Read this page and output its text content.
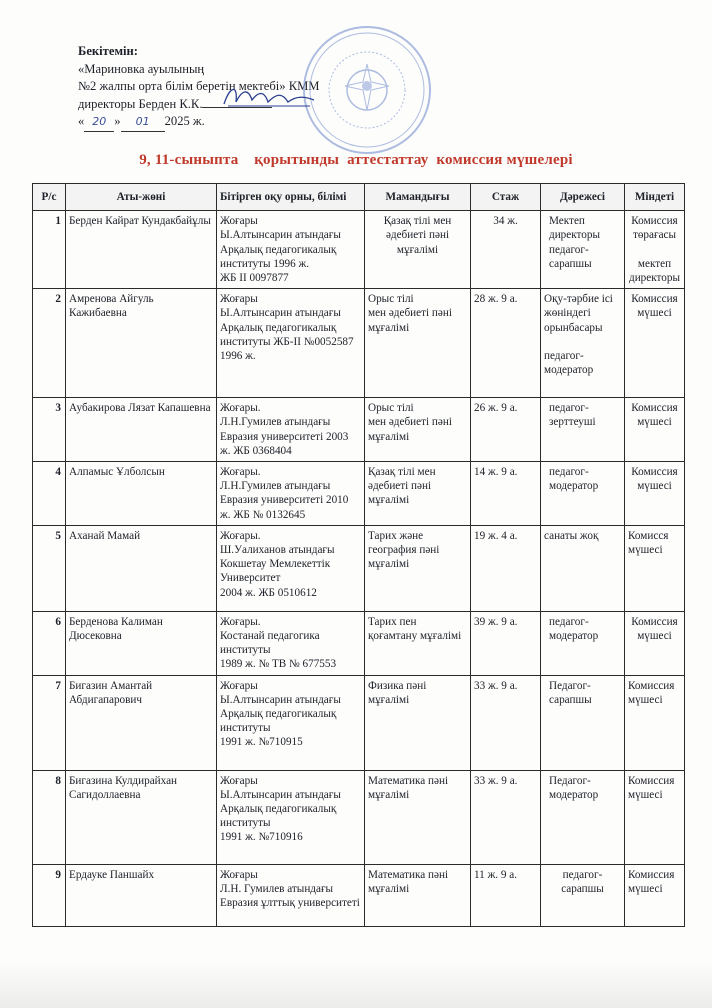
Бекітемін:
«Мариновка ауылының
№2 жалпы орта білім беретін мектебі» КММ
директоры Берден К.К.
« 20 » 01 2025 ж.
9, 11-сыныпта    қорытынды  аттестаттау  комиссия мүшелері
Р/с	Аты-жөні	Бітірген оқу орны, білімі	Мамандығы	Стаж	Дәрежесі	Міндеті
1	Берден Кайрат Кундакбайұлы	Жоғары
Ы.Алтынсарин атындағы Арқалық педагогикалық институты 1996 ж.
ЖБ II 0097877	Қазақ тілі мен әдебиеті пәні мұғалімі	34 ж.	Мектеп директоры педагог-сарапшы	Комиссия төрағасы

мектеп директоры
2	Амренова Айгуль Кажибаевна	Жоғары
Ы.Алтынсарин атындағы Арқалық педагогикалық институты ЖБ-II №0052587 1996 ж.	Орыс тілі
мен әдебиеті пәні мұғалімі	28 ж. 9 а.	Оқу-тәрбие ісі жөніндегі орынбасары

педагог-модератор	Комиссия мүшесі
3	Аубакирова Лязат Капашевна	Жоғары.
Л.Н.Гумилев атындағы Евразия университеті 2003 ж. ЖБ 0368404	Орыс тілі
мен әдебиеті пәні мұғалімі	26 ж. 9 а.	педагог-зерттеуші	Комиссия мүшесі
4	Алпамыс Ұлболсын	Жоғары.
Л.Н.Гумилев атындағы Евразия университеті 2010 ж. ЖБ № 0132645	Қазақ тілі мен әдебиеті пәні мұғалімі	14 ж. 9 а.	педагог-модератор	Комиссия мүшесі
5	Аханай Мамай	Жоғары.
Ш.Уалиханов атындағы Кокшетау Мемлекеттік Университет
2004 ж. ЖБ 0510612	Тарих және география пәні мұғалімі	19 ж. 4 а.	санаты жоқ	Комисся мүшесі
6	Берденова Калиман Дюсековна	Жоғары.
Костанай педагогика институты
1989 ж. № ТВ № 677553	Тарих пен қоғамтану мұғалімі	39 ж. 9 а.	педагог-модератор	Комиссия мүшесі
7	Бигазин Амантай Абдигапарович	Жоғары
Ы.Алтынсарин атындағы Арқалық педагогикалық институты
1991 ж. №710915	Физика пәні мұғалімі	33 ж. 9 а.	Педагог-сарапшы	Комиссия мүшесі
8	Бигазина Кулдирайхан Сагидоллаевна	Жоғары
Ы.Алтынсарин атындағы Арқалық педагогикалық институты
1991 ж. №710916	Математика пәні мұғалімі	33 ж. 9 а.	Педагог-модератор	Комиссия мүшесі
9	Ердауке Паншайх	Жоғары
Л.Н. Гумилев атындағы Евразия ұлттық университеті	Математика пәні мұғалімі	11 ж. 9 а.	педагог-сарапшы	Комиссия мүшесі
